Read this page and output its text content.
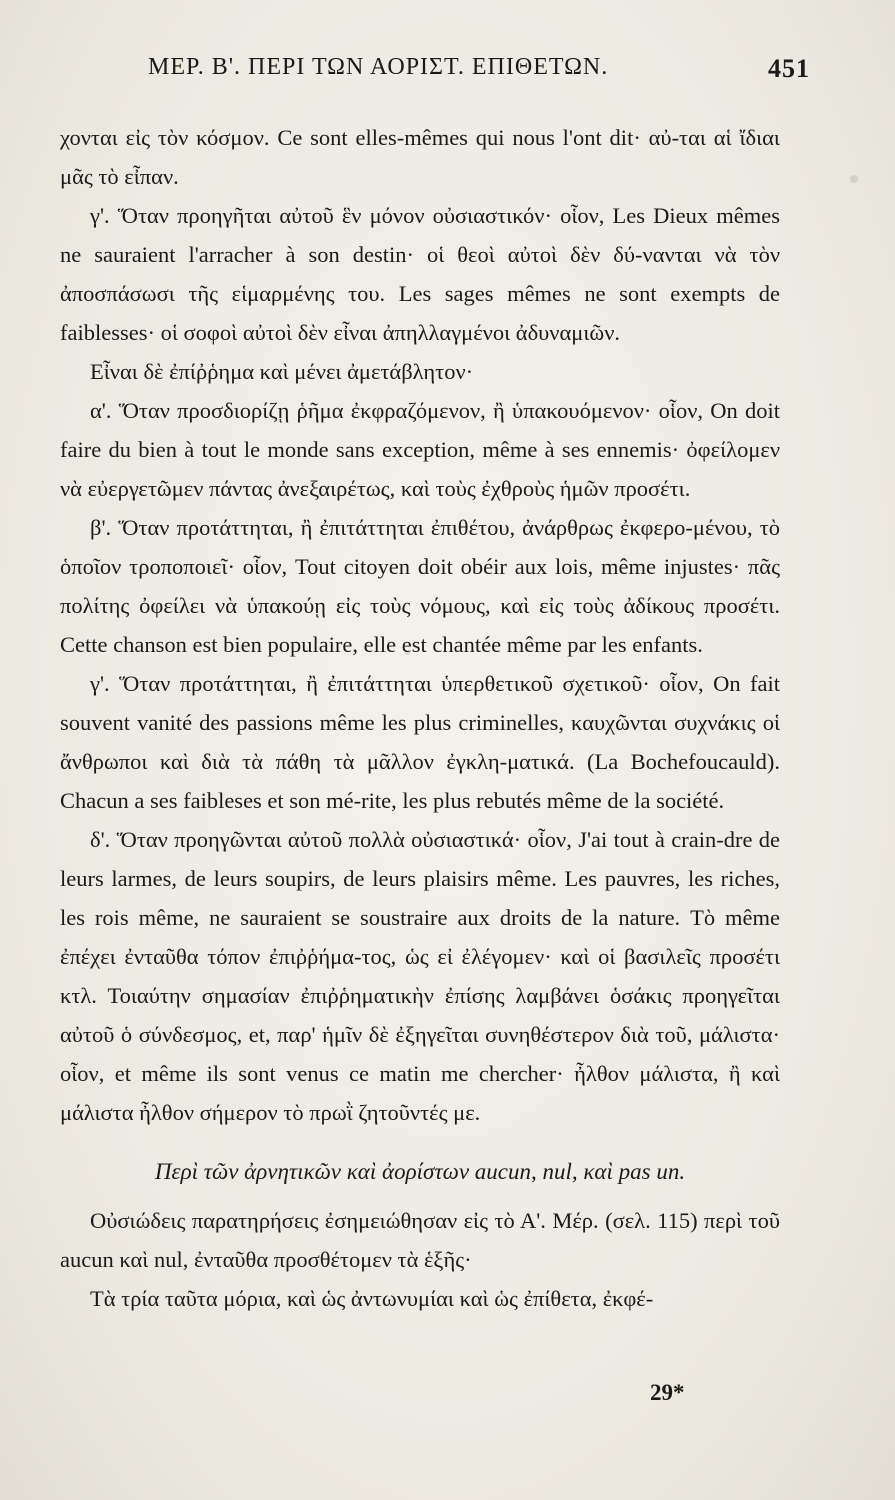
ΜΕΡ. Β'. ΠΕΡΙ ΤΩΝ ΑΟΡΙΣΤ. ΕΠΙΘΕΤΩΝ.	451

χονται εἰς τὸν κόσμον. Ce sont elles-mêmes qui nous l'ont dit· αὐ-ται αἱ ἴδιαι μᾶς τὸ εἶπαν.

γ'. Ὅταν προηγῆται αὐτοῦ ἓν μόνον οὐσιαστικόν· οἷον, Les Dieux mêmes ne sauraient l'arracher à son destin· οἱ θεοὶ αὐτοὶ δὲν δύ-νανται νὰ τὸν ἀποσπάσωσι τῆς εἱμαρμένης του. Les sages mêmes ne sont exempts de faiblesses· οἱ σοφοὶ αὐτοὶ δὲν εἶναι ἀπηλλαγμένοι ἀδυναμιῶν.

Εἶναι δὲ ἐπίῤῥημα καὶ μένει ἀμετάβλητον·

α'. Ὅταν προσδιορίζῃ ῥῆμα ἐκφραζόμενον, ἢ ὑπακουόμενον· οἷον, On doit faire du bien à tout le monde sans exception, même à ses ennemis· ὀφείλομεν νὰ εὐεργετῶμεν πάντας ἀνεξαιρέτως, καὶ τοὺς ἐχθροὺς ἡμῶν προσέτι.

β'. Ὅταν προτάττηται, ἢ ἐπιτάττηται ἐπιθέτου, ἀνάρθρως ἐκφερο-μένου, τὸ ὁποῖον τροποποιεῖ· οἷον, Tout citoyen doit obéir aux lois, même injustes· πᾶς πολίτης ὀφείλει νὰ ὑπακούῃ εἰς τοὺς νόμους, καὶ εἰς τοὺς ἀδίκους προσέτι. Cette chanson est bien populaire, elle est chantée même par les enfants.

γ'. Ὅταν προτάττηται, ἢ ἐπιτάττηται ὑπερθετικοῦ σχετικοῦ· οἷον, On fait souvent vanité des passions même les plus criminelles, καυχῶνται συχνάκις οἱ ἄνθρωποι καὶ διὰ τὰ πάθη τὰ μᾶλλον ἐγκλη-ματικά. (La Bochefoucauld). Chacun a ses faibleses et son mé-rite, les plus rebutés même de la société.

δ'. Ὅταν προηγῶνται αὐτοῦ πολλὰ οὐσιαστικά· οἷον, J'ai tout à crain-dre de leurs larmes, de leurs soupirs, de leurs plaisirs même. Les pauvres, les riches, les rois même, ne sauraient se soustraire aux droits de la nature. Τὸ même ἐπέχει ἐνταῦθα τόπον ἐπιῤῥήμα-τος, ὡς εἰ ἐλέγομεν· καὶ οἱ βασιλεῖς προσέτι κτλ. Τοιαύτην σημασίαν ἐπιῤῥηματικὴν ἐπίσης λαμβάνει ὁσάκις προηγεῖται αὐτοῦ ὁ σύνδεσμος, et, παρ' ἡμῖν δὲ ἐξηγεῖται συνηθέστερον διὰ τοῦ, μάλιστα· οἷον, et même ils sont venus ce matin me chercher· ἦλθον μάλιστα, ἢ καὶ μάλιστα ἦλθον σήμερον τὸ πρωῒ ζητοῦντές με.

Περὶ τῶν ἀρνητικῶν καὶ ἀορίστων aucun, nul, καὶ pas un.

Οὐσιώδεις παρατηρήσεις ἐσημειώθησαν εἰς τὸ Α'. Μέρ. (σελ. 115) περὶ τοῦ aucun καὶ nul, ἐνταῦθα προσθέτομεν τὰ ἑξῆς·

Τὰ τρία ταῦτα μόρια, καὶ ὡς ἀντωνυμίαι καὶ ὡς ἐπίθετα, ἐκφέ-

29*
